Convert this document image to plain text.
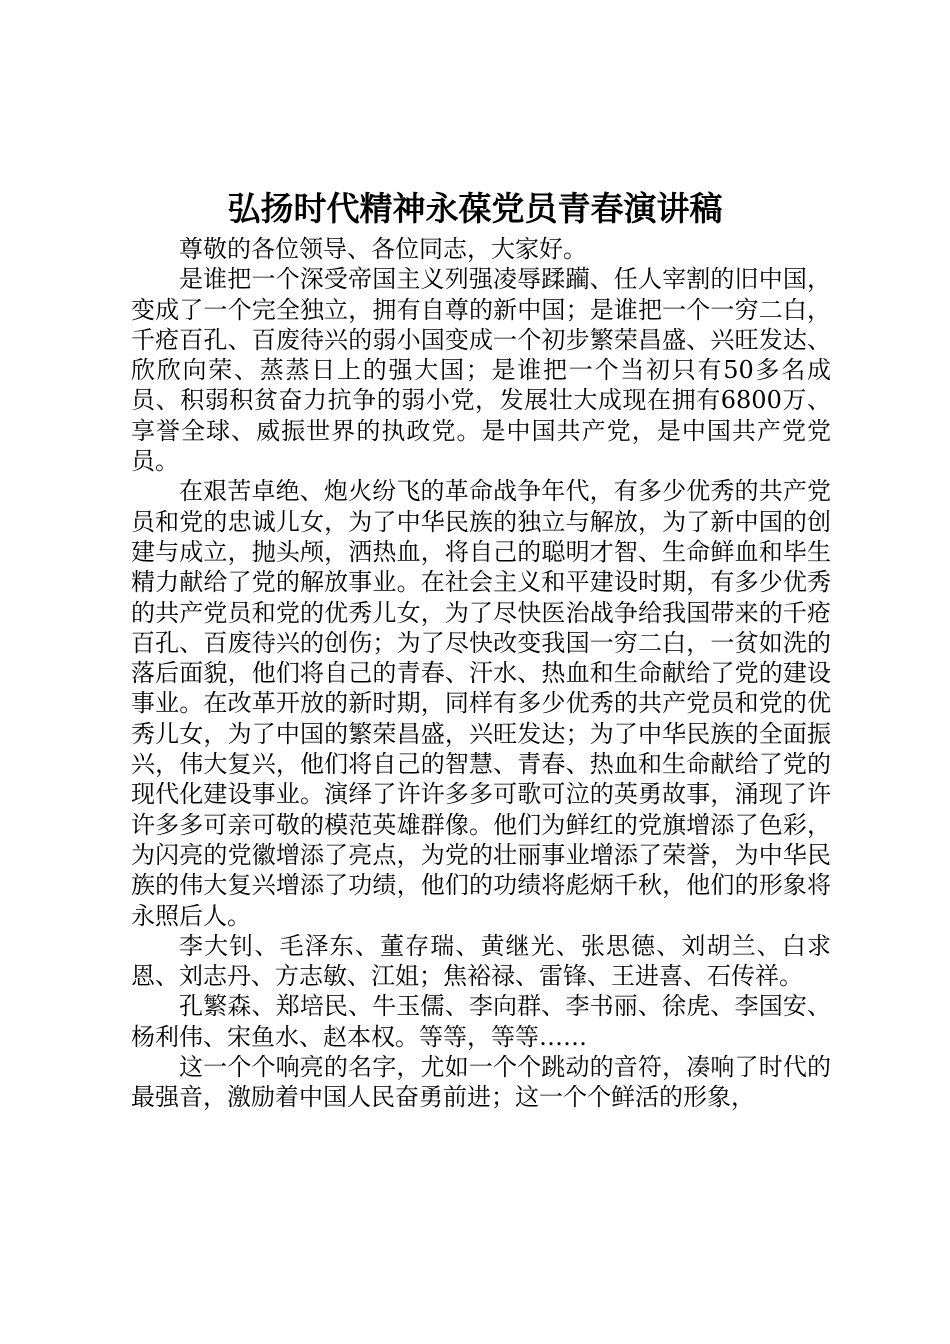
弘扬时代精神永葆党员青春演讲稿

尊敬的各位领导、各位同志，大家好。

是谁把一个深受帝国主义列强凌辱蹂躏、任人宰割的旧中国，变成了一个完全独立，拥有自尊的新中国；是谁把一个一穷二白，千疮百孔、百废待兴的弱小国变成一个初步繁荣昌盛、兴旺发达、欣欣向荣、蒸蒸日上的强大国；是谁把一个当初只有50多名成员、积弱积贫奋力抗争的弱小党，发展壮大成现在拥有6800万、享誉全球、威振世界的执政党。是中国共产党，是中国共产党党员。

在艰苦卓绝、炮火纷飞的革命战争年代，有多少优秀的共产党员和党的忠诚儿女，为了中华民族的独立与解放，为了新中国的创建与成立，抛头颅，洒热血，将自己的聪明才智、生命鲜血和毕生精力献给了党的解放事业。在社会主义和平建设时期，有多少优秀的共产党员和党的优秀儿女，为了尽快医治战争给我国带来的千疮百孔、百废待兴的创伤；为了尽快改变我国一穷二白，一贫如洗的落后面貌，他们将自己的青春、汗水、热血和生命献给了党的建设事业。在改革开放的新时期，同样有多少优秀的共产党员和党的优秀儿女，为了中国的繁荣昌盛，兴旺发达；为了中华民族的全面振兴，伟大复兴，他们将自己的智慧、青春、热血和生命献给了党的现代化建设事业。演绎了许许多多可歌可泣的英勇故事，涌现了许许多多可亲可敬的模范英雄群像。他们为鲜红的党旗增添了色彩，为闪亮的党徽增添了亮点，为党的壮丽事业增添了荣誉，为中华民族的伟大复兴增添了功绩，他们的功绩将彪炳千秋，他们的形象将永照后人。

李大钊、毛泽东、董存瑞、黄继光、张思德、刘胡兰、白求恩、刘志丹、方志敏、江姐；焦裕禄、雷锋、王进喜、石传祥。

孔繁森、郑培民、牛玉儒、李向群、李书丽、徐虎、李国安、杨利伟、宋鱼水、赵本权。等等，等等……

这一个个响亮的名字，尤如一个个跳动的音符，凑响了时代的最强音，激励着中国人民奋勇前进；这一个个鲜活的形象，
